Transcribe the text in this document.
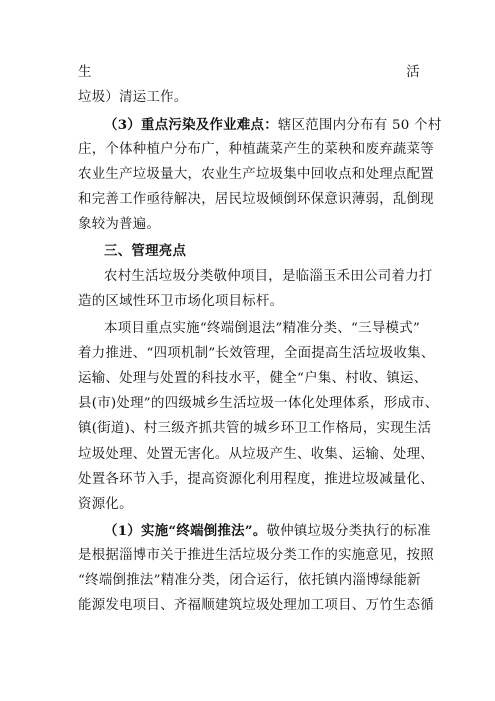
生	活
垃圾）清运工作。
（3）重点污染及作业难点：辖区范围内分布有 50 个村
庄，个体种植户分布广，种植蔬菜产生的菜秧和废弃蔬菜等
农业生产垃圾量大，农业生产垃圾集中回收点和处理点配置
和完善工作亟待解决，居民垃圾倾倒环保意识薄弱，乱倒现
象较为普遍。
三、管理亮点
农村生活垃圾分类敬仲项目，是临淄玉禾田公司着力打
造的区域性环卫市场化项目标杆。
本项目重点实施“终端倒退法”精准分类、“三导模式”
着力推进、“四项机制”长效管理，全面提高生活垃圾收集、
运输、处理与处置的科技水平，健全“户集、村收、镇运、
县(市)处理”的四级城乡生活垃圾一体化处理体系，形成市、
镇(街道)、村三级齐抓共管的城乡环卫工作格局，实现生活
垃圾处理、处置无害化。从垃圾产生、收集、运输、处理、
处置各环节入手，提高资源化利用程度，推进垃圾减量化、
资源化。
（1）实施“终端倒推法”。敬仲镇垃圾分类执行的标准
是根据淄博市关于推进生活垃圾分类工作的实施意见，按照
“终端倒推法”精准分类，闭合运行，依托镇内淄博绿能新
能源发电项目、齐福顺建筑垃圾处理加工项目、万竹生态循
